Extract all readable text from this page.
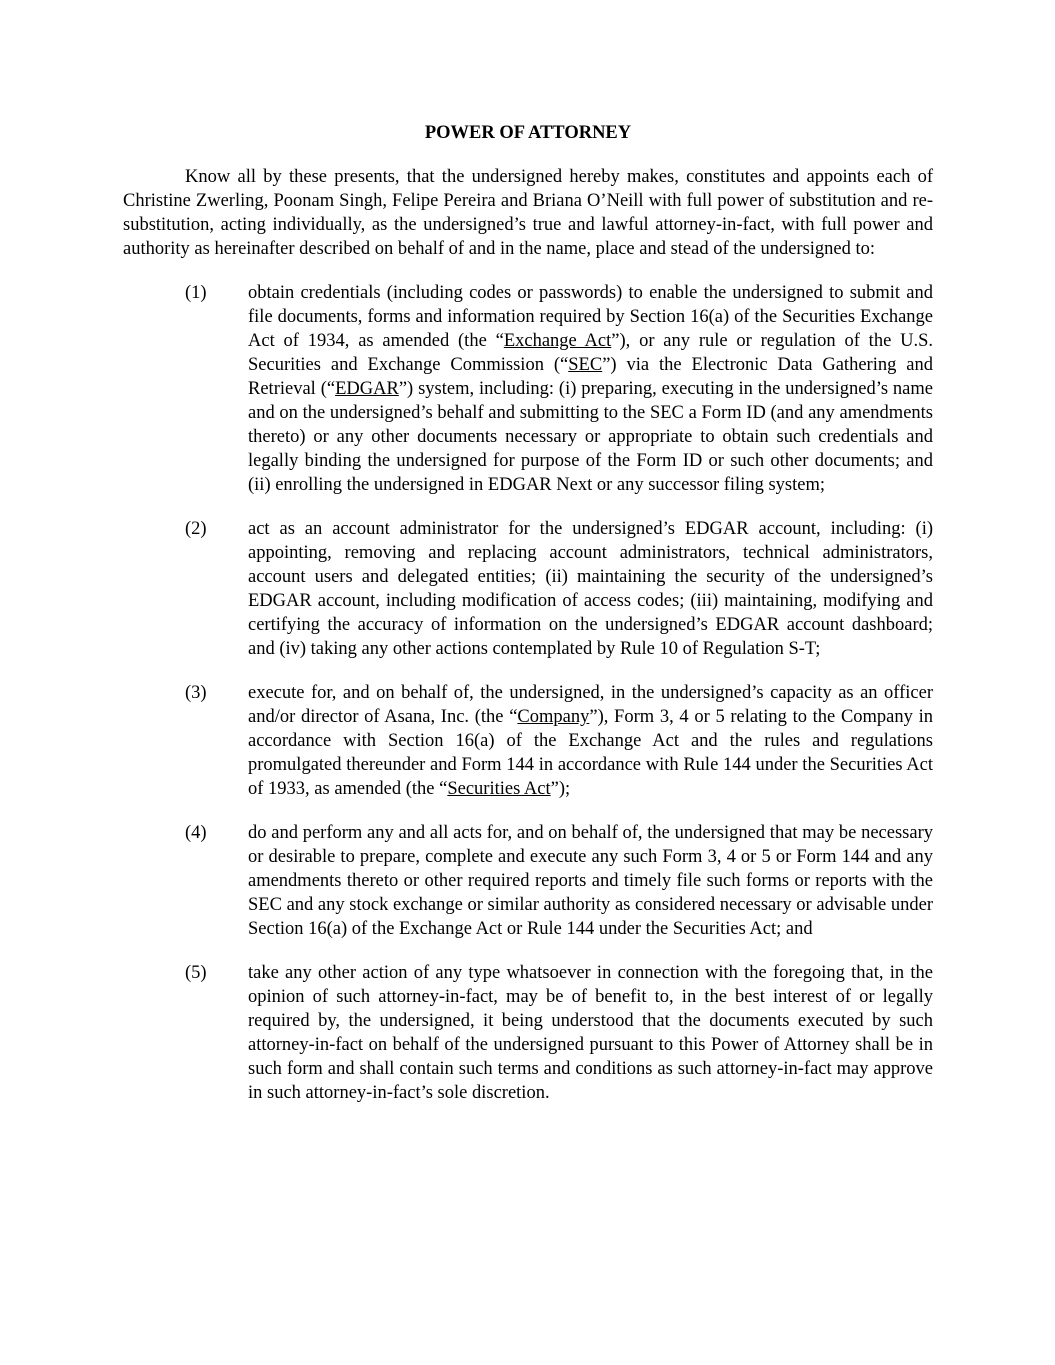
POWER OF ATTORNEY

Know all by these presents, that the undersigned hereby makes, constitutes and appoints each of Christine Zwerling, Poonam Singh, Felipe Pereira and Briana O’Neill with full power of substitution and re-substitution, acting individually, as the undersigned’s true and lawful attorney-in-fact, with full power and authority as hereinafter described on behalf of and in the name, place and stead of the undersigned to:

(1)	obtain credentials (including codes or passwords) to enable the undersigned to submit and file documents, forms and information required by Section 16(a) of the Securities Exchange Act of 1934, as amended (the “Exchange Act”), or any rule or regulation of the U.S. Securities and Exchange Commission (“SEC”) via the Electronic Data Gathering and Retrieval (“EDGAR”) system, including: (i) preparing, executing in the undersigned’s name and on the undersigned’s behalf and submitting to the SEC a Form ID (and any amendments thereto) or any other documents necessary or appropriate to obtain such credentials and legally binding the undersigned for purpose of the Form ID or such other documents; and (ii) enrolling the undersigned in EDGAR Next or any successor filing system;
(2)	act as an account administrator for the undersigned’s EDGAR account, including: (i) appointing, removing and replacing account administrators, technical administrators, account users and delegated entities; (ii) maintaining the security of the undersigned’s EDGAR account, including modification of access codes; (iii) maintaining, modifying and certifying the accuracy of information on the undersigned’s EDGAR account dashboard; and (iv) taking any other actions contemplated by Rule 10 of Regulation S-T;
(3)	execute for, and on behalf of, the undersigned, in the undersigned’s capacity as an officer and/or director of Asana, Inc. (the “Company”), Form 3, 4 or 5 relating to the Company in accordance with Section 16(a) of the Exchange Act and the rules and regulations promulgated thereunder and Form 144 in accordance with Rule 144 under the Securities Act of 1933, as amended (the “Securities Act”);
(4)	do and perform any and all acts for, and on behalf of, the undersigned that may be necessary or desirable to prepare, complete and execute any such Form 3, 4 or 5 or Form 144 and any amendments thereto or other required reports and timely file such forms or reports with the SEC and any stock exchange or similar authority as considered necessary or advisable under Section 16(a) of the Exchange Act or Rule 144 under the Securities Act; and
(5)	take any other action of any type whatsoever in connection with the foregoing that, in the opinion of such attorney-in-fact, may be of benefit to, in the best interest of or legally required by, the undersigned, it being understood that the documents executed by such attorney-in-fact on behalf of the undersigned pursuant to this Power of Attorney shall be in such form and shall contain such terms and conditions as such attorney-in-fact may approve in such attorney-in-fact’s sole discretion.
